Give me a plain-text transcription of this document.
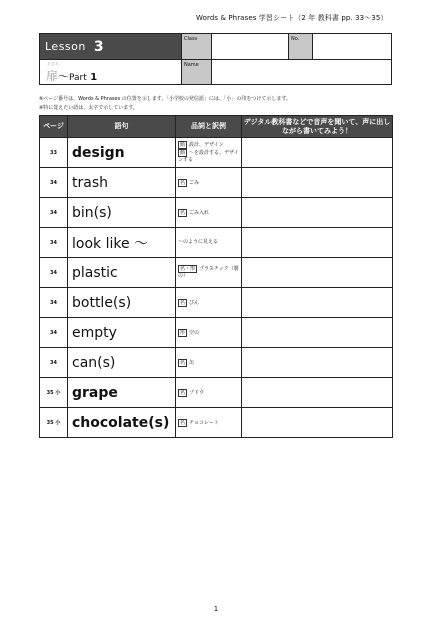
Words & Phrases 学習シート（2 年 教科書 pp. 33～35）
Lesson 3
とびら
扉～Part 1
Class	No.
Name
※ページ番号は、Words & Phrases の位置を示します。「小学校の発信語」には、「小」の印をつけて示します。
※特に覚えたい語は、太字で示しています。
ページ	語句	品詞と訳例	デジタル教科書などで音声を聞いて、声に出しながら書いてみよう！
33	design	動 設計、デザイン
動 ～を設計する、デザインする	

34	trash	名 ごみ	

34	bin(s)	名 ごみ入れ	

34	look like ～	～のように見える	

34	plastic	名・形 プラスチック（製の）	

34	bottle(s)	名 びん	

34	empty	形 空の	

34	can(s)	名 缶	

35 小	grape	名 ブドウ	

35 小	chocolate(s)	名 チョコレート	

1
